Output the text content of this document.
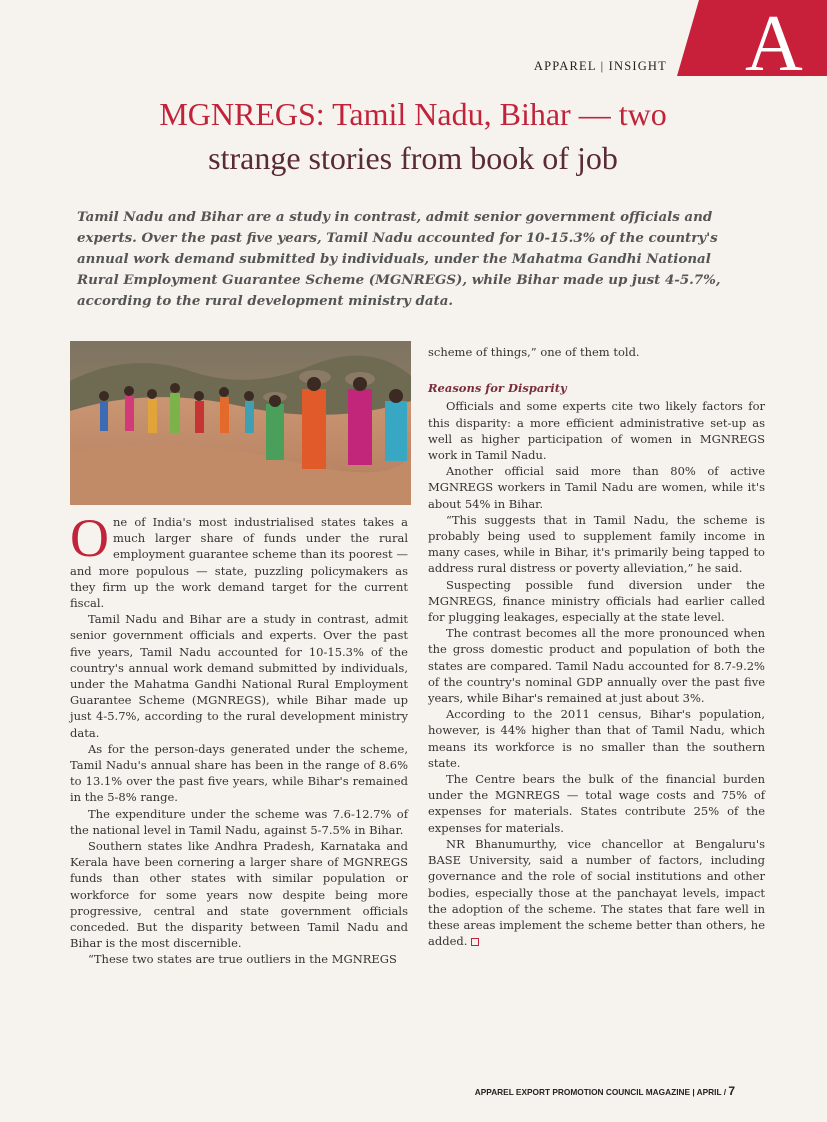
A
APPAREL | INSIGHT
MGNREGS: Tamil Nadu, Bihar — two
strange stories from book of job

Tamil Nadu and Bihar are a study in contrast, admit senior government officials and experts. Over the past five years, Tamil Nadu accounted for 10-15.3% of the country's annual work demand submitted by individuals, under the Mahatma Gandhi National Rural Employment Guarantee Scheme (MGNREGS), while Bihar made up just 4-5.7%, according to the rural development ministry data.

One of India's most industrialised states takes a much larger share of funds under the rural employment guarantee scheme than its poorest — and more populous — state, puzzling policymakers as they firm up the work demand target for the current fiscal.

Tamil Nadu and Bihar are a study in contrast, admit senior government officials and experts. Over the past five years, Tamil Nadu accounted for 10-15.3% of the country's annual work demand submitted by individuals, under the Mahatma Gandhi National Rural Employment Guarantee Scheme (MGNREGS), while Bihar made up just 4-5.7%, according to the rural development ministry data.

As for the person-days generated under the scheme, Tamil Nadu's annual share has been in the range of 8.6% to 13.1% over the past five years, while Bihar's remained in the 5-8% range.

The expenditure under the scheme was 7.6-12.7% of the national level in Tamil Nadu, against 5-7.5% in Bihar.

Southern states like Andhra Pradesh, Karnataka and Kerala have been cornering a larger share of MGNREGS funds than other states with similar population or workforce for some years now despite being more progressive, central and state government officials conceded. But the disparity between Tamil Nadu and Bihar is the most discernible.

“These two states are true outliers in the MGNREGS

scheme of things,” one of them told.

Reasons for Disparity

Officials and some experts cite two likely factors for this disparity: a more efficient administrative set-up as well as higher participation of women in MGNREGS work in Tamil Nadu.

Another official said more than 80% of active MGNREGS workers in Tamil Nadu are women, while it's about 54% in Bihar.

“This suggests that in Tamil Nadu, the scheme is probably being used to supplement family income in many cases, while in Bihar, it's primarily being tapped to address rural distress or poverty alleviation,” he said.

Suspecting possible fund diversion under the MGNREGS, finance ministry officials had earlier called for plugging leakages, especially at the state level.

The contrast becomes all the more pronounced when the gross domestic product and population of both the states are compared. Tamil Nadu accounted for 8.7-9.2% of the country's nominal GDP annually over the past five years, while Bihar's remained at just about 3%.

According to the 2011 census, Bihar's population, however, is 44% higher than that of Tamil Nadu, which means its workforce is no smaller than the southern state.

The Centre bears the bulk of the financial burden under the MGNREGS — total wage costs and 75% of expenses for materials. States contribute 25% of the expenses for materials.

NR Bhanumurthy, vice chancellor at Bengaluru's BASE University, said a number of factors, including governance and the role of social institutions and other bodies, especially those at the panchayat levels, impact the adoption of the scheme. The states that fare well in these areas implement the scheme better than others, he added.

APPAREL EXPORT PROMOTION COUNCIL MAGAZINE | APRIL / 7
